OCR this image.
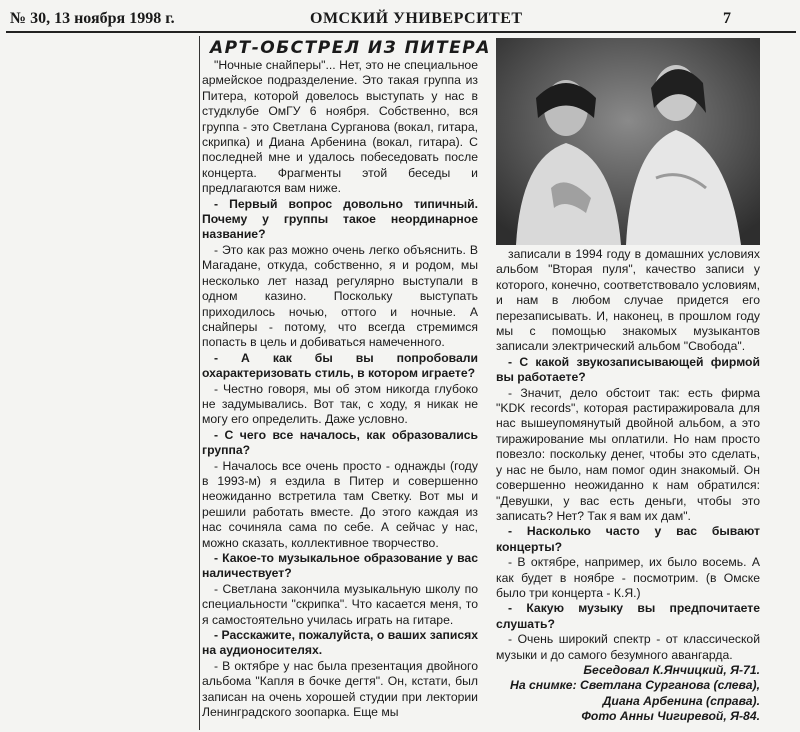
№ 30, 13 ноября 1998 г.	ОМСКИЙ УНИВЕРСИТЕТ	7
АРТ-ОБСТРЕЛ ИЗ ПИТЕРА

"Ночные снайперы"... Нет, это не специальное армейское подразделение. Это такая группа из Питера, которой довелось выступать у нас в студклубе ОмГУ 6 ноября. Собственно, вся группа - это Светлана Сурганова (вокал, гитара, скрипка) и Диана Арбенина (вокал, гитара). С последней мне и удалось побеседовать после концерта. Фрагменты этой беседы и предлагаются вам ниже.

- Первый вопрос довольно типичный. Почему у группы такое неординарное название?

- Это как раз можно очень легко объяснить. В Магадане, откуда, собственно, я и родом, мы несколько лет назад регулярно выступали в одном казино. Поскольку выступать приходилось ночью, оттого и ночные. А снайперы - потому, что всегда стремимся попасть в цель и добиваться намеченного.

- А как бы вы попробовали охарактеризовать стиль, в котором играете?

- Честно говоря, мы об этом никогда глубоко не задумывались. Вот так, с ходу, я никак не могу его определить. Даже условно.

- С чего все началось, как образовались группа?

- Началось все очень просто - однажды (году в 1993-м) я ездила в Питер и совершенно неожиданно встретила там Светку. Вот мы и решили работать вместе. До этого каждая из нас сочиняла сама по себе. А сейчас у нас, можно сказать, коллективное творчество.

- Какое-то музыкальное образование у вас наличествует?

- Светлана закончила музыкальную школу по специальности "скрипка". Что касается меня, то я самостоятельно училась играть на гитаре.

- Расскажите, пожалуйста, о ваших записях на аудионосителях.

- В октябре у нас была презентация двойного альбома "Капля в бочке дегтя". Он, кстати, был записан на очень хорошей студии при лектории Ленинградского зоопарка. Еще мы

записали в 1994 году в домашних условиях альбом "Вторая пуля", качество записи у которого, конечно, соответствовало условиям, и нам в любом случае придется его перезаписывать. И, наконец, в прошлом году мы с помощью знакомых музыкантов записали электрический альбом "Свобода".

- С какой звукозаписывающей фирмой вы работаете?

- Значит, дело обстоит так: есть фирма "KDK records", которая растиражировала для нас вышеупомянутый двойной альбом, а это тиражирование мы оплатили. Но нам просто повезло: поскольку денег, чтобы это сделать, у нас не было, нам помог один знакомый. Он совершенно неожиданно к нам обратился: "Девушки, у вас есть деньги, чтобы это записать? Нет? Так я вам их дам".

- Насколько часто у вас бывают концерты?

- В октябре, например, их было восемь. А как будет в ноябре - посмотрим. (в Омске было три концерта - К.Я.)

- Какую музыку вы предпочитаете слушать?

- Очень широкий спектр - от классической музыки и до самого безумного авангарда.

Беседовал К.Янчицкий, Я-71.

На снимке: Светлана Сурганова (слева), Диана Арбенина (справа).

Фото Анны Чигиревой, Я-84.
